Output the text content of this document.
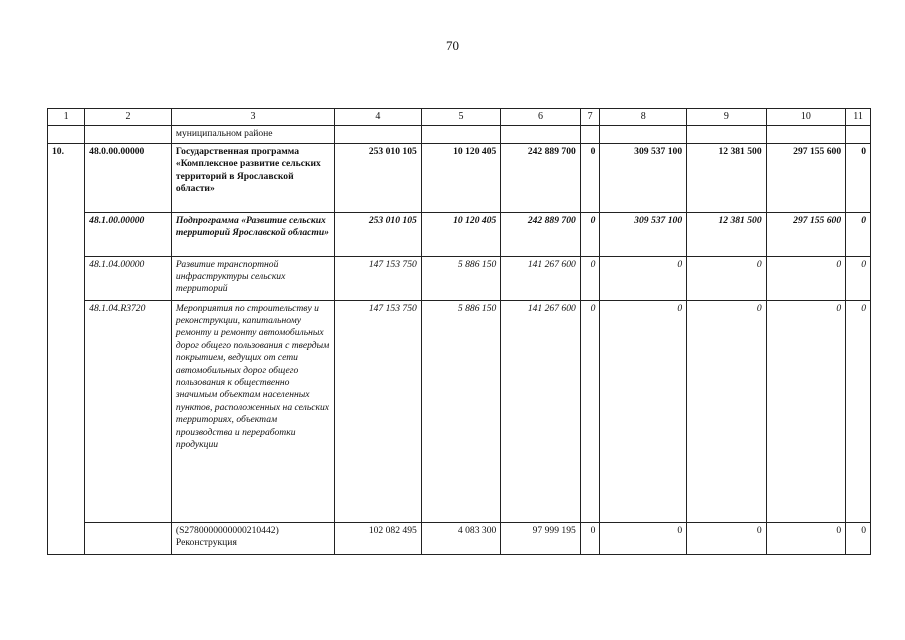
70
1	2	3	4	5	6	7	8	9	10	11
		муниципальном районе								
10.	48.0.00.00000	Государственная программа «Комплексное развитие сельских территорий в Ярославской области»	253 010 105	10 120 405	242 889 700	0	309 537 100	12 381 500	297 155 600	0
	48.1.00.00000	Подпрограмма «Развитие сельских территорий Ярославской области»	253 010 105	10 120 405	242 889 700	0	309 537 100	12 381 500	297 155 600	0
	48.1.04.00000	Развитие транспортной инфраструктуры сельских территорий	147 153 750	5 886 150	141 267 600	0	0	0	0	0
	48.1.04.R3720	Мероприятия по строительству и реконструкции, капитальному ремонту и ремонту автомобильных дорог общего пользования с твердым покрытием, ведущих от сети автомобильных дорог общего пользования к общественно значимым объектам населенных пунктов, расположенных на сельских территориях, объектам производства и переработки продукции	147 153 750	5 886 150	141 267 600	0	0	0	0	0
		(S2780000000000210442) Реконструкция	102 082 495	4 083 300	97 999 195	0	0	0	0	0
